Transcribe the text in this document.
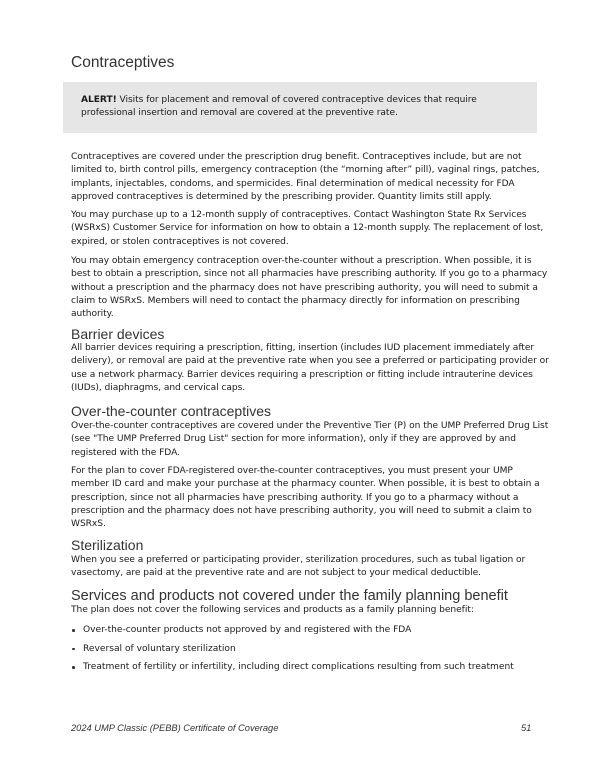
Contraceptives
ALERT! Visits for placement and removal of covered contraceptive devices that require
professional insertion and removal are covered at the preventive rate.
Contraceptives are covered under the prescription drug benefit. Contraceptives include, but are not
limited to, birth control pills, emergency contraception (the “morning after” pill), vaginal rings, patches,
implants, injectables, condoms, and spermicides. Final determination of medical necessity for FDA
approved contraceptives is determined by the prescribing provider. Quantity limits still apply.
You may purchase up to a 12-month supply of contraceptives. Contact Washington State Rx Services
(WSRxS) Customer Service for information on how to obtain a 12-month supply. The replacement of lost,
expired, or stolen contraceptives is not covered.
You may obtain emergency contraception over-the-counter without a prescription. When possible, it is
best to obtain a prescription, since not all pharmacies have prescribing authority. If you go to a pharmacy
without a prescription and the pharmacy does not have prescribing authority, you will need to submit a
claim to WSRxS. Members will need to contact the pharmacy directly for information on prescribing
authority.
Barrier devices
All barrier devices requiring a prescription, fitting, insertion (includes IUD placement immediately after
delivery), or removal are paid at the preventive rate when you see a preferred or participating provider or
use a network pharmacy. Barrier devices requiring a prescription or fitting include intrauterine devices
(IUDs), diaphragms, and cervical caps.
Over-the-counter contraceptives
Over-the-counter contraceptives are covered under the Preventive Tier (P) on the UMP Preferred Drug List
(see "The UMP Preferred Drug List" section for more information), only if they are approved by and
registered with the FDA.
For the plan to cover FDA-registered over-the-counter contraceptives, you must present your UMP
member ID card and make your purchase at the pharmacy counter. When possible, it is best to obtain a
prescription, since not all pharmacies have prescribing authority. If you go to a pharmacy without a
prescription and the pharmacy does not have prescribing authority, you will need to submit a claim to
WSRxS.
Sterilization
When you see a preferred or participating provider, sterilization procedures, such as tubal ligation or
vasectomy, are paid at the preventive rate and are not subject to your medical deductible.
Services and products not covered under the family planning benefit
The plan does not cover the following services and products as a family planning benefit:
Over-the-counter products not approved by and registered with the FDA
Reversal of voluntary sterilization
Treatment of fertility or infertility, including direct complications resulting from such treatment
2024 UMP Classic (PEBB) Certificate of Coverage	51
